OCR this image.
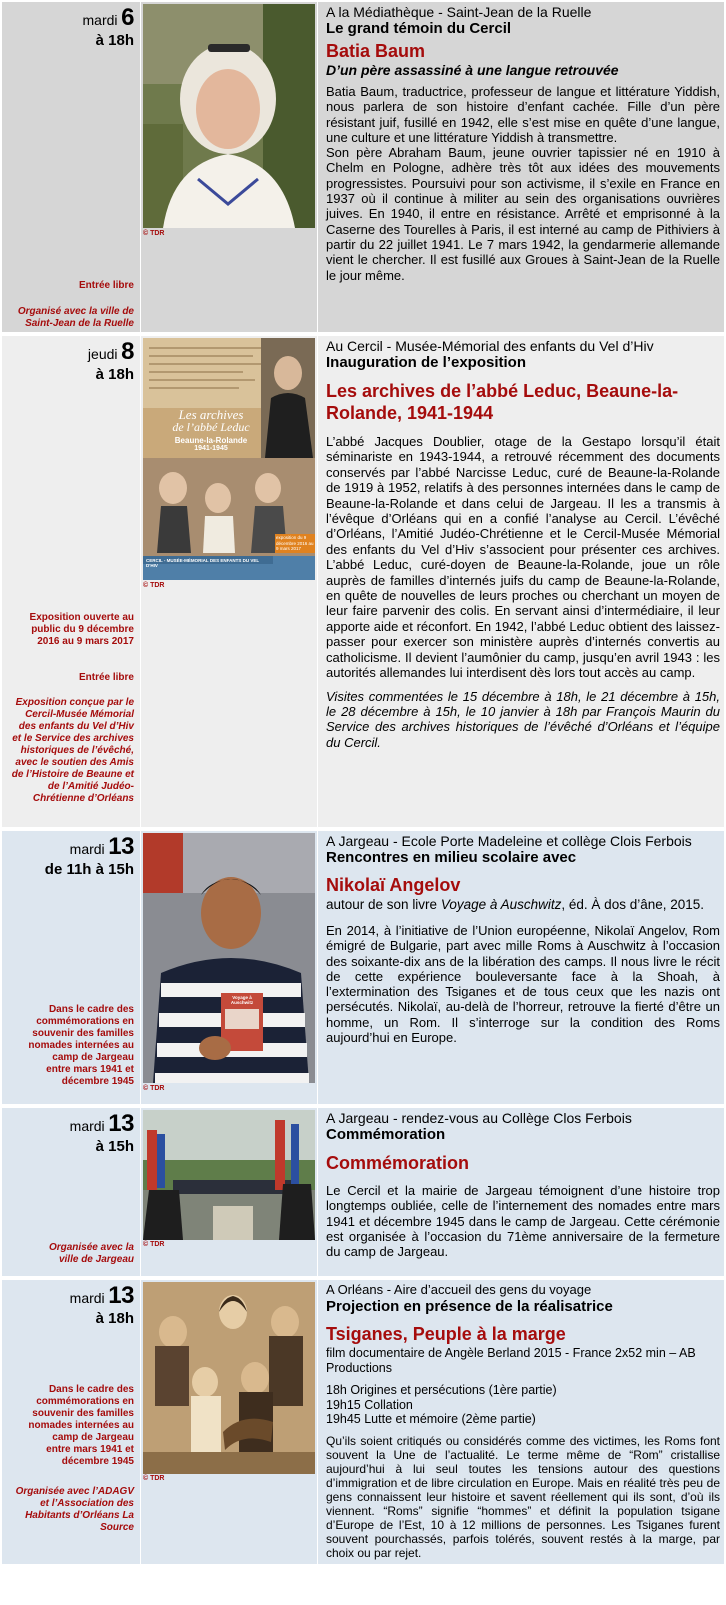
mardi 6
à 18h
Entrée libre
Organisé avec la ville de Saint-Jean de la Ruelle
© TDR
A la Médiathèque - Saint-Jean de la Ruelle
Le grand témoin du Cercil
Batia Baum
D’un père assassiné à une langue retrouvée

Batia Baum, traductrice, professeur de langue et littérature Yiddish, nous parlera de son histoire d’enfant cachée. Fille d’un père résistant juif, fusillé en 1942, elle s’est mise en quête d’une langue, une culture et une littérature Yiddish à transmettre.

Son père Abraham Baum, jeune ouvrier tapissier né en 1910 à Chelm en Pologne, adhère très tôt aux idées des mouvements progressistes. Poursuivi pour son activisme, il s’exile en France en 1937 où il continue à militer au sein des organisations ouvrières juives. En 1940, il entre en résistance. Arrêté et emprisonné à la Caserne des Tourelles à Paris, il est interné au camp de Pithiviers à partir du 22 juillet 1941. Le 7 mars 1942, la gendarmerie allemande vient le chercher. Il est fusillé aux Groues à Saint-Jean de la Ruelle le jour même.

jeudi 8
à 18h
Exposition ouverte au public du 9 décembre 2016 au 9 mars 2017
Entrée libre
Exposition conçue par le Cercil-Musée Mémorial des enfants du Vel d’Hiv et le Service des archives historiques de l’évêché, avec le soutien des Amis de l’Histoire de Beaune et de l’Amitié Judéo-Chrétienne d’Orléans
Les archives
de l’abbé Leduc
Beaune-la-Rolande
1941-1945
CERCIL - MUSÉE-MÉMORIAL DES ENFANTS DU VEL D'HIV
exposition du 9 décembre 2016 au 9 mars 2017
© TDR
Au Cercil - Musée-Mémorial des enfants du Vel d’Hiv
Inauguration de l’exposition
Les archives de l’abbé Leduc, Beaune-la-Rolande, 1941-1944

L’abbé Jacques Doublier, otage de la Gestapo lorsqu’il était séminariste en 1943-1944, a retrouvé récemment des documents conservés par l’abbé Narcisse Leduc, curé de Beaune-la-Rolande de 1919 à 1952, relatifs à des personnes internées dans le camp de Beaune-la-Rolande et dans celui de Jargeau. Il les a transmis à l’évêque d’Orléans qui en a confié l’analyse au Cercil. L’évêché d’Orléans, l’Amitié Judéo-Chrétienne et le Cercil-Musée Mémorial des enfants du Vel d’Hiv s’associent pour présenter ces archives. L’abbé Leduc, curé-doyen de Beaune-la-Rolande, joue un rôle auprès de familles d’internés juifs du camp de Beaune-la-Rolande, en quête de nouvelles de leurs proches ou cherchant un moyen de leur faire parvenir des colis. En servant ainsi d’intermédiaire, il leur apporte aide et réconfort. En 1942, l’abbé Leduc obtient des laissez-passer pour exercer son ministère auprès d’internés convertis au catholicisme. Il devient l’aumônier du camp, jusqu’en avril 1943 : les autorités allemandes lui interdisent dès lors tout accès au camp.

Visites commentées le 15 décembre à 18h, le 21 décembre à 15h, le 28 décembre à 15h, le 10 janvier à 18h par François Maurin du Service des archives historiques de l’évêché d’Orléans et l’équipe du Cercil.

mardi 13
de 11h à 15h
Dans le cadre des commémorations en souvenir des familles nomades internées au camp de Jargeau entre mars 1941 et décembre 1945
Voyage à Auschwitz
© TDR
A Jargeau - Ecole Porte Madeleine et collège Clois Ferbois
Rencontres en milieu scolaire avec
Nikolaï Angelov
autour de son livre Voyage à Auschwitz, éd. À dos d’âne, 2015.

En 2014, à l’initiative de l’Union européenne, Nikolaï Angelov, Rom émigré de Bulgarie, part avec mille Roms à Auschwitz à l’occasion des soixante-dix ans de la libération des camps. Il nous livre le récit de cette expérience bouleversante face à la Shoah, à l’extermination des Tsiganes et de tous ceux que les nazis ont persécutés. Nikolaï, au-delà de l’horreur, retrouve la fierté d’être un homme, un Rom. Il s’interroge sur la condition des Roms aujourd’hui en Europe.

mardi 13
à 15h
Organisée avec la ville de Jargeau
© TDR
A Jargeau - rendez-vous au Collège Clos Ferbois
Commémoration
Commémoration

Le Cercil et la mairie de Jargeau témoignent d’une histoire trop longtemps oubliée, celle de l’internement des nomades entre mars 1941 et décembre 1945 dans le camp de Jargeau. Cette cérémonie est organisée à l’occasion du 71ème anniversaire de la fermeture du camp de Jargeau.

mardi 13
à 18h
Dans le cadre des commémorations en souvenir des familles nomades internées au camp de Jargeau entre mars 1941 et décembre 1945
Organisée avec l’ADAGV et l’Association des Habitants d’Orléans La Source
© TDR
A Orléans - Aire d’accueil des gens du voyage
Projection en présence de la réalisatrice
Tsiganes, Peuple à la marge
film documentaire de Angèle Berland 2015 - France 2x52 min – AB Productions
18h Origines et persécutions (1ère partie)
19h15 Collation
19h45 Lutte et mémoire (2ème partie)

Qu’ils soient critiqués ou considérés comme des victimes, les Roms font souvent la Une de l’actualité. Le terme même de “Rom” cristallise aujourd’hui à lui seul toutes les tensions autour des questions d’immigration et de libre circulation en Europe. Mais en réalité très peu de gens connaissent leur histoire et savent réellement qui ils sont, d’où ils viennent. “Roms” signifie “hommes” et définit la population tsigane d’Europe de l’Est, 10 à 12 millions de personnes. Les Tsiganes furent souvent pourchassés, parfois tolérés, souvent restés à la marge, par choix ou par rejet.
